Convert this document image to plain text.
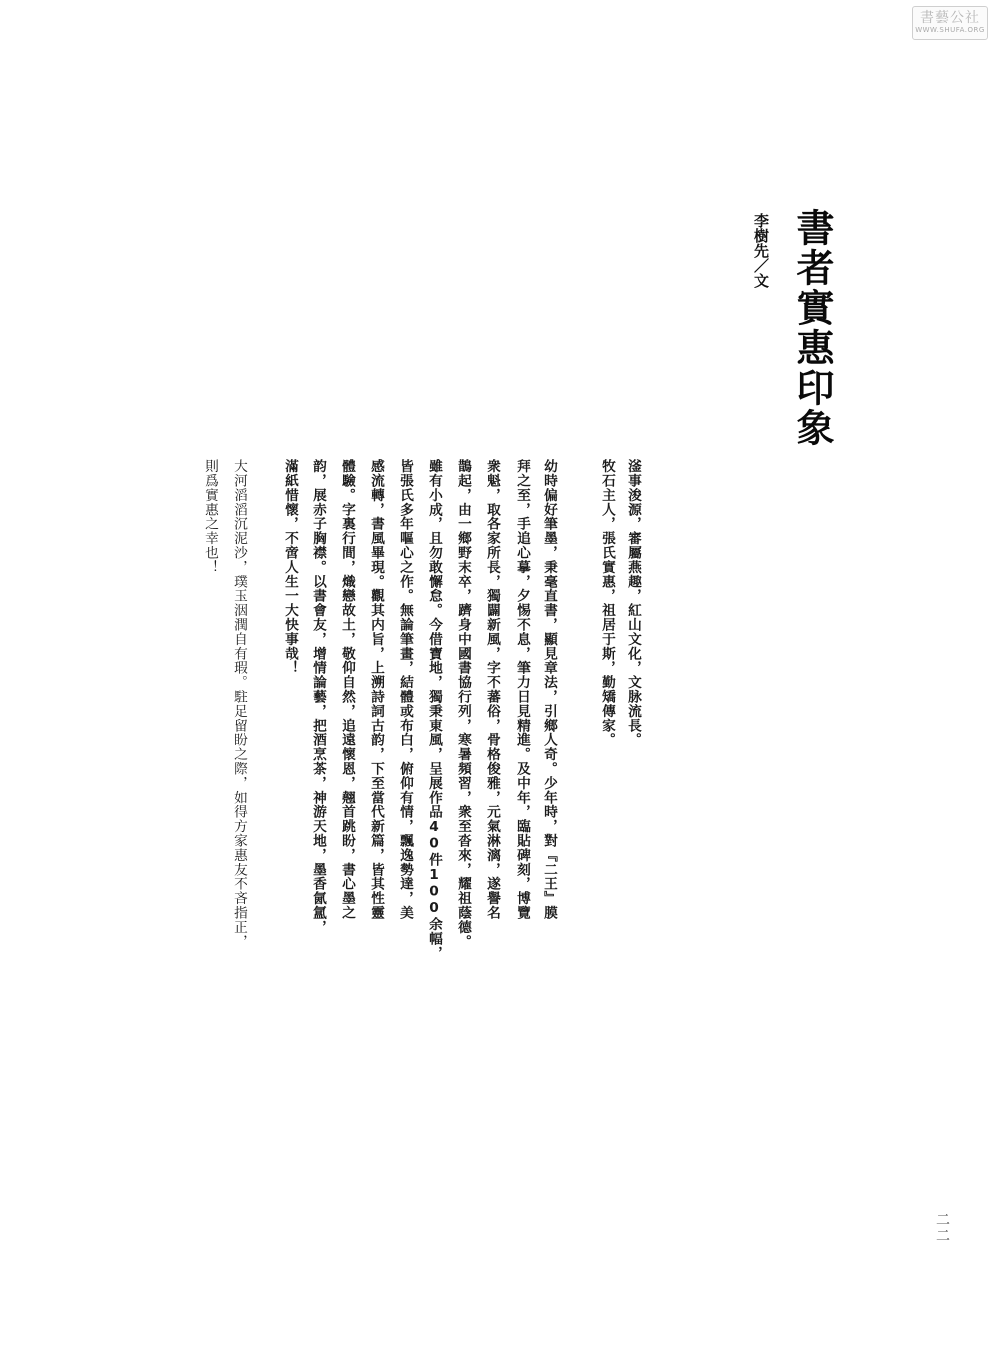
書藝公社
WWW.SHUFA.ORG
書者實惠印象
李樹先／文
滏事浚源，審屬燕趣，紅山文化，文脉流長。
牧石主人，張氏實惠，祖居于斯，勤矯傳家。
幼時偏好筆墨，秉毫直書，顯見章法，引鄉人奇。少年時，對『二王』膜
拜之至，手追心摹，夕惕不息，筆力日見精進。及中年，臨貼碑刻，博覽
衆魁，取各家所長，獨闢新風，字不蕃俗，骨格俊雅，元氣淋漓，遂譽名
鵲起，由一鄉野末卒，躋身中國書協行列，寒暑頻習，衆至沓來，耀祖蔭德。
雖有小成，且勿敢懈怠。今借寶地，獨秉東風，呈展作品40件100余幅，
皆張氏多年嘔心之作。無論筆畫，結體或布白，俯仰有情，飄逸勢達，美
感流轉，書風畢現。觀其内旨，上溯詩詞古韵，下至當代新篇，皆其性靈
體驗。字裏行間，熾戀故土，敬仰自然，追遠懷恩，翹首跳盼，書心墨之
韵，展赤子胸襟。以書會友，增情論藝，把酒烹茶，神游天地，墨香氤氲，
滿紙惜懷，不啻人生一大快事哉！
大河滔滔沉泥沙，璞玉洇潤自有瑕。駐足留盼之際，如得方家惠友不吝指正，
則爲實惠之幸也！
二二
